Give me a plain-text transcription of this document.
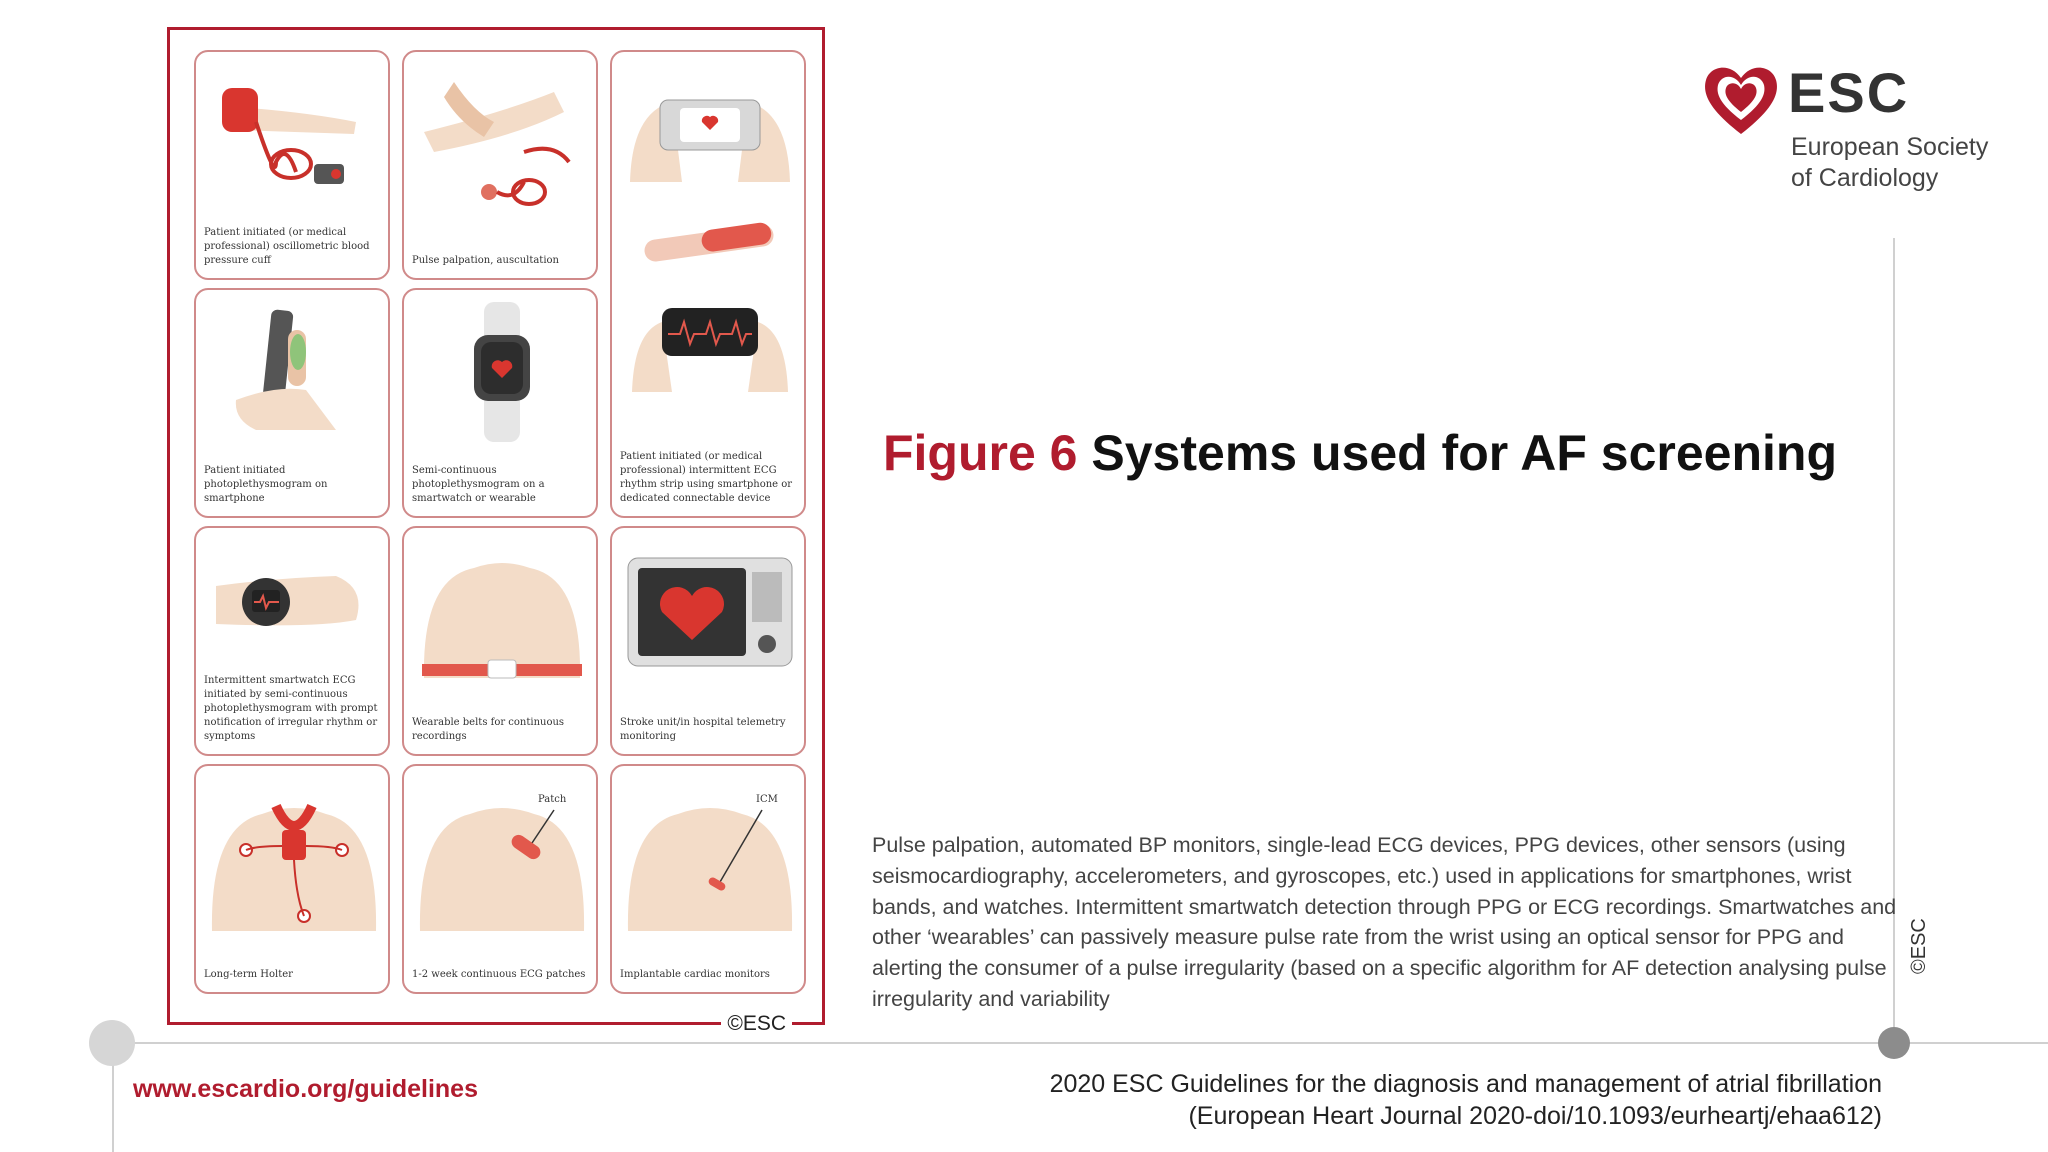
Patient initiated (or medical professional) oscillometric blood pressure cuff	Pulse palpation, auscultation
Patient initiated (or medical professional) intermittent ECG rhythm strip using smartphone or dedicated connectable device
Patient initiated photoplethysmogram on smartphone
Semi-continuous photoplethysmogram on a smartwatch or wearable
Intermittent smartwatch ECG initiated by semi-continuous photoplethysmogram with prompt notification of irregular rhythm or symptoms
Wearable belts for continuous recordings
Stroke unit/in hospital telemetry monitoring
Long-term Holter
Patch
1-2 week continuous ECG patches
ICM
Implantable cardiac monitors
©ESC
ESC
European Society
of Cardiology
Figure 6 Systems used for AF screening
Pulse palpation, automated BP monitors, single-lead ECG devices, PPG devices, other sensors (using seismocardiography, accelerometers, and gyroscopes, etc.) used in applications for smartphones, wrist bands, and watches. Intermittent smartwatch detection through PPG or ECG recordings. Smartwatches and other ‘wearables’ can passively measure pulse rate from the wrist using an optical sensor for PPG and alerting the consumer of a pulse irregularity (based on a specific algorithm for AF detection analysing pulse irregularity and variability
©ESC
www.escardio.org/guidelines	2020 ESC Guidelines for the diagnosis and management of atrial fibrillation
(European Heart Journal 2020-doi/10.1093/eurheartj/ehaa612)
